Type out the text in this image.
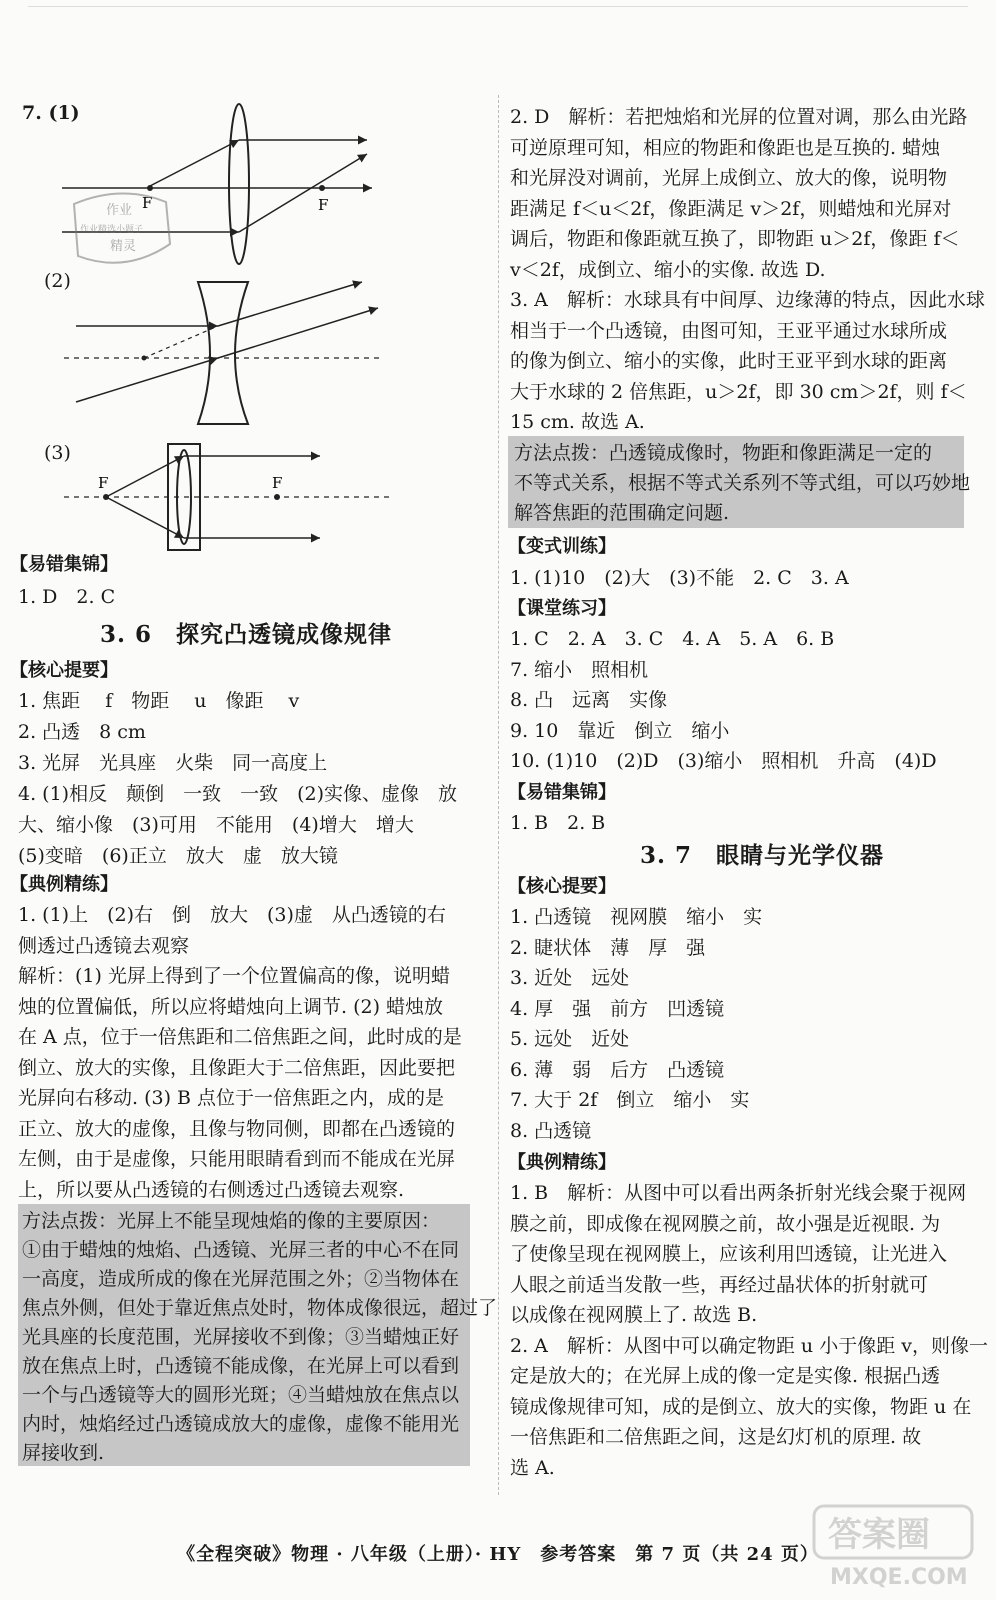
7. (1)
F	F
作业
作业精选小题子
精灵
(2)
(3)
F	F
【易错集锦】
1. D　2. C
3. 6　探究凸透镜成像规律
【核心提要】
1. 焦距　 f　物距　 u　像距　 v
2. 凸透　8 cm
3. 光屏　光具座　火柴　同一高度上
4. (1)相反　颠倒　一致　一致　(2)实像、虚像　放
大、缩小像　(3)可用　不能用　(4)增大　增大
(5)变暗　(6)正立　放大　虚　放大镜
【典例精练】
1. (1)上　(2)右　倒　放大　(3)虚　从凸透镜的右
侧透过凸透镜去观察
解析：(1) 光屏上得到了一个位置偏高的像，说明蜡
烛的位置偏低，所以应将蜡烛向上调节. (2) 蜡烛放
在 A 点，位于一倍焦距和二倍焦距之间，此时成的是
倒立、放大的实像，且像距大于二倍焦距，因此要把
光屏向右移动. (3) B 点位于一倍焦距之内，成的是
正立、放大的虚像，且像与物同侧，即都在凸透镜的
左侧，由于是虚像，只能用眼睛看到而不能成在光屏
上，所以要从凸透镜的右侧透过凸透镜去观察.
方法点拨：光屏上不能呈现烛焰的像的主要原因：
①由于蜡烛的烛焰、凸透镜、光屏三者的中心不在同
一高度，造成所成的像在光屏范围之外；②当物体在
焦点外侧，但处于靠近焦点处时，物体成像很远，超过了
光具座的长度范围，光屏接收不到像；③当蜡烛正好
放在焦点上时，凸透镜不能成像，在光屏上可以看到
一个与凸透镜等大的圆形光斑；④当蜡烛放在焦点以
内时，烛焰经过凸透镜成放大的虚像，虚像不能用光
屏接收到.
2. D　解析：若把烛焰和光屏的位置对调，那么由光路
可逆原理可知，相应的物距和像距也是互换的. 蜡烛
和光屏没对调前，光屏上成倒立、放大的像，说明物
距满足 f＜u＜2f，像距满足 v＞2f，则蜡烛和光屏对
调后，物距和像距就互换了，即物距 u＞2f，像距 f＜
v＜2f，成倒立、缩小的实像. 故选 D.
3. A　解析：水球具有中间厚、边缘薄的特点，因此水球
相当于一个凸透镜，由图可知，王亚平通过水球所成
的像为倒立、缩小的实像，此时王亚平到水球的距离
大于水球的 2 倍焦距，u＞2f，即 30 cm＞2f，则 f＜
15 cm. 故选 A.
方法点拨：凸透镜成像时，物距和像距满足一定的
不等式关系，根据不等式关系列不等式组，可以巧妙地
解答焦距的范围确定问题.
【变式训练】
1. (1)10　(2)大　(3)不能　2. C　3. A
【课堂练习】
1. C　2. A　3. C　4. A　5. A　6. B
7. 缩小　照相机
8. 凸　远离　实像
9. 10　靠近　倒立　缩小
10. (1)10　(2)D　(3)缩小　照相机　升高　(4)D
【易错集锦】
1. B　2. B
3. 7　眼睛与光学仪器
【核心提要】
1. 凸透镜　视网膜　缩小　实
2. 睫状体　薄　厚　强
3. 近处　远处
4. 厚　强　前方　凹透镜
5. 远处　近处
6. 薄　弱　后方　凸透镜
7. 大于 2f　倒立　缩小　实
8. 凸透镜
【典例精练】
1. B　解析：从图中可以看出两条折射光线会聚于视网
膜之前，即成像在视网膜之前，故小强是近视眼. 为
了使像呈现在视网膜上，应该利用凹透镜，让光进入
人眼之前适当发散一些，再经过晶状体的折射就可
以成像在视网膜上了. 故选 B.
2. A　解析：从图中可以确定物距 u 小于像距 v，则像一
定是放大的；在光屏上成的像一定是实像. 根据凸透
镜成像规律可知，成的是倒立、放大的实像，物距 u 在
一倍焦距和二倍焦距之间，这是幻灯机的原理. 故
选 A.
《全程突破》物理 · 八年级（上册）· HY　参考答案　第 7 页（共 24 页） 答案圈
MXQE.COM
